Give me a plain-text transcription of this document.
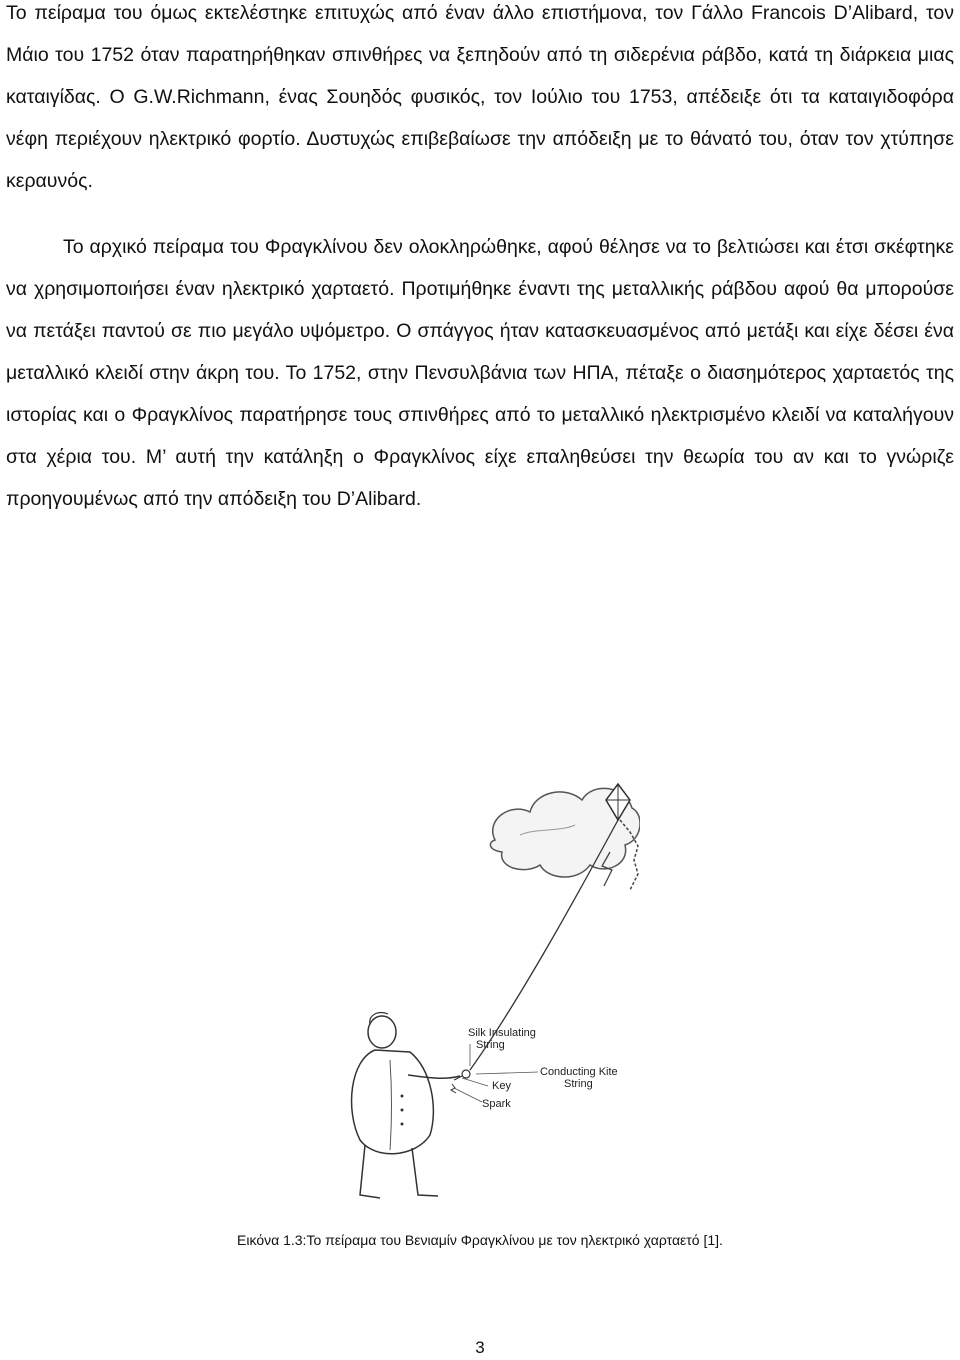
Το πείραμα του όμως εκτελέστηκε επιτυχώς από έναν άλλο επιστήμονα, τον Γάλλο Francois D’Alibard, τον Μάιο του 1752 όταν παρατηρήθηκαν σπινθήρες να ξεπηδούν από τη σιδερένια ράβδο, κατά τη διάρκεια μιας καταιγίδας. Ο G.W.Richmann, ένας Σουηδός φυσικός, τον Ιούλιο του 1753, απέδειξε ότι τα καταιγιδοφόρα νέφη περιέχουν ηλεκτρικό φορτίο. Δυστυχώς επιβεβαίωσε την απόδειξη με το θάνατό του, όταν τον χτύπησε κεραυνός.

Το αρχικό πείραμα του Φραγκλίνου δεν ολοκληρώθηκε, αφού θέλησε να το βελτιώσει και έτσι σκέφτηκε να χρησιμοποιήσει έναν ηλεκτρικό χαρταετό. Προτιμήθηκε έναντι της μεταλλικής ράβδου αφού θα μπορούσε να πετάξει παντού σε πιο μεγάλο υψόμετρο. Ο σπάγγος ήταν κατασκευασμένος από μετάξι και είχε δέσει ένα μεταλλικό κλειδί στην άκρη του. Το 1752, στην Πενσυλβάνια των ΗΠΑ, πέταξε ο διασημότερος χαρταετός της ιστορίας και ο Φραγκλίνος παρατήρησε τους σπινθήρες από το μεταλλικό ηλεκτρισμένο κλειδί να καταλήγουν στα χέρια του. Μ’ αυτή την κατάληξη ο Φραγκλίνος είχε επαληθεύσει την θεωρία του αν και το γνώριζε προηγουμένως από την απόδειξη του D’Alibard.

Silk Insulating
String
Conducting Kite
String
Key
Spark
Εικόνα 1.3:Το πείραμα του Βενιαμίν Φραγκλίνου με τον ηλεκτρικό χαρταετό [1].
3
